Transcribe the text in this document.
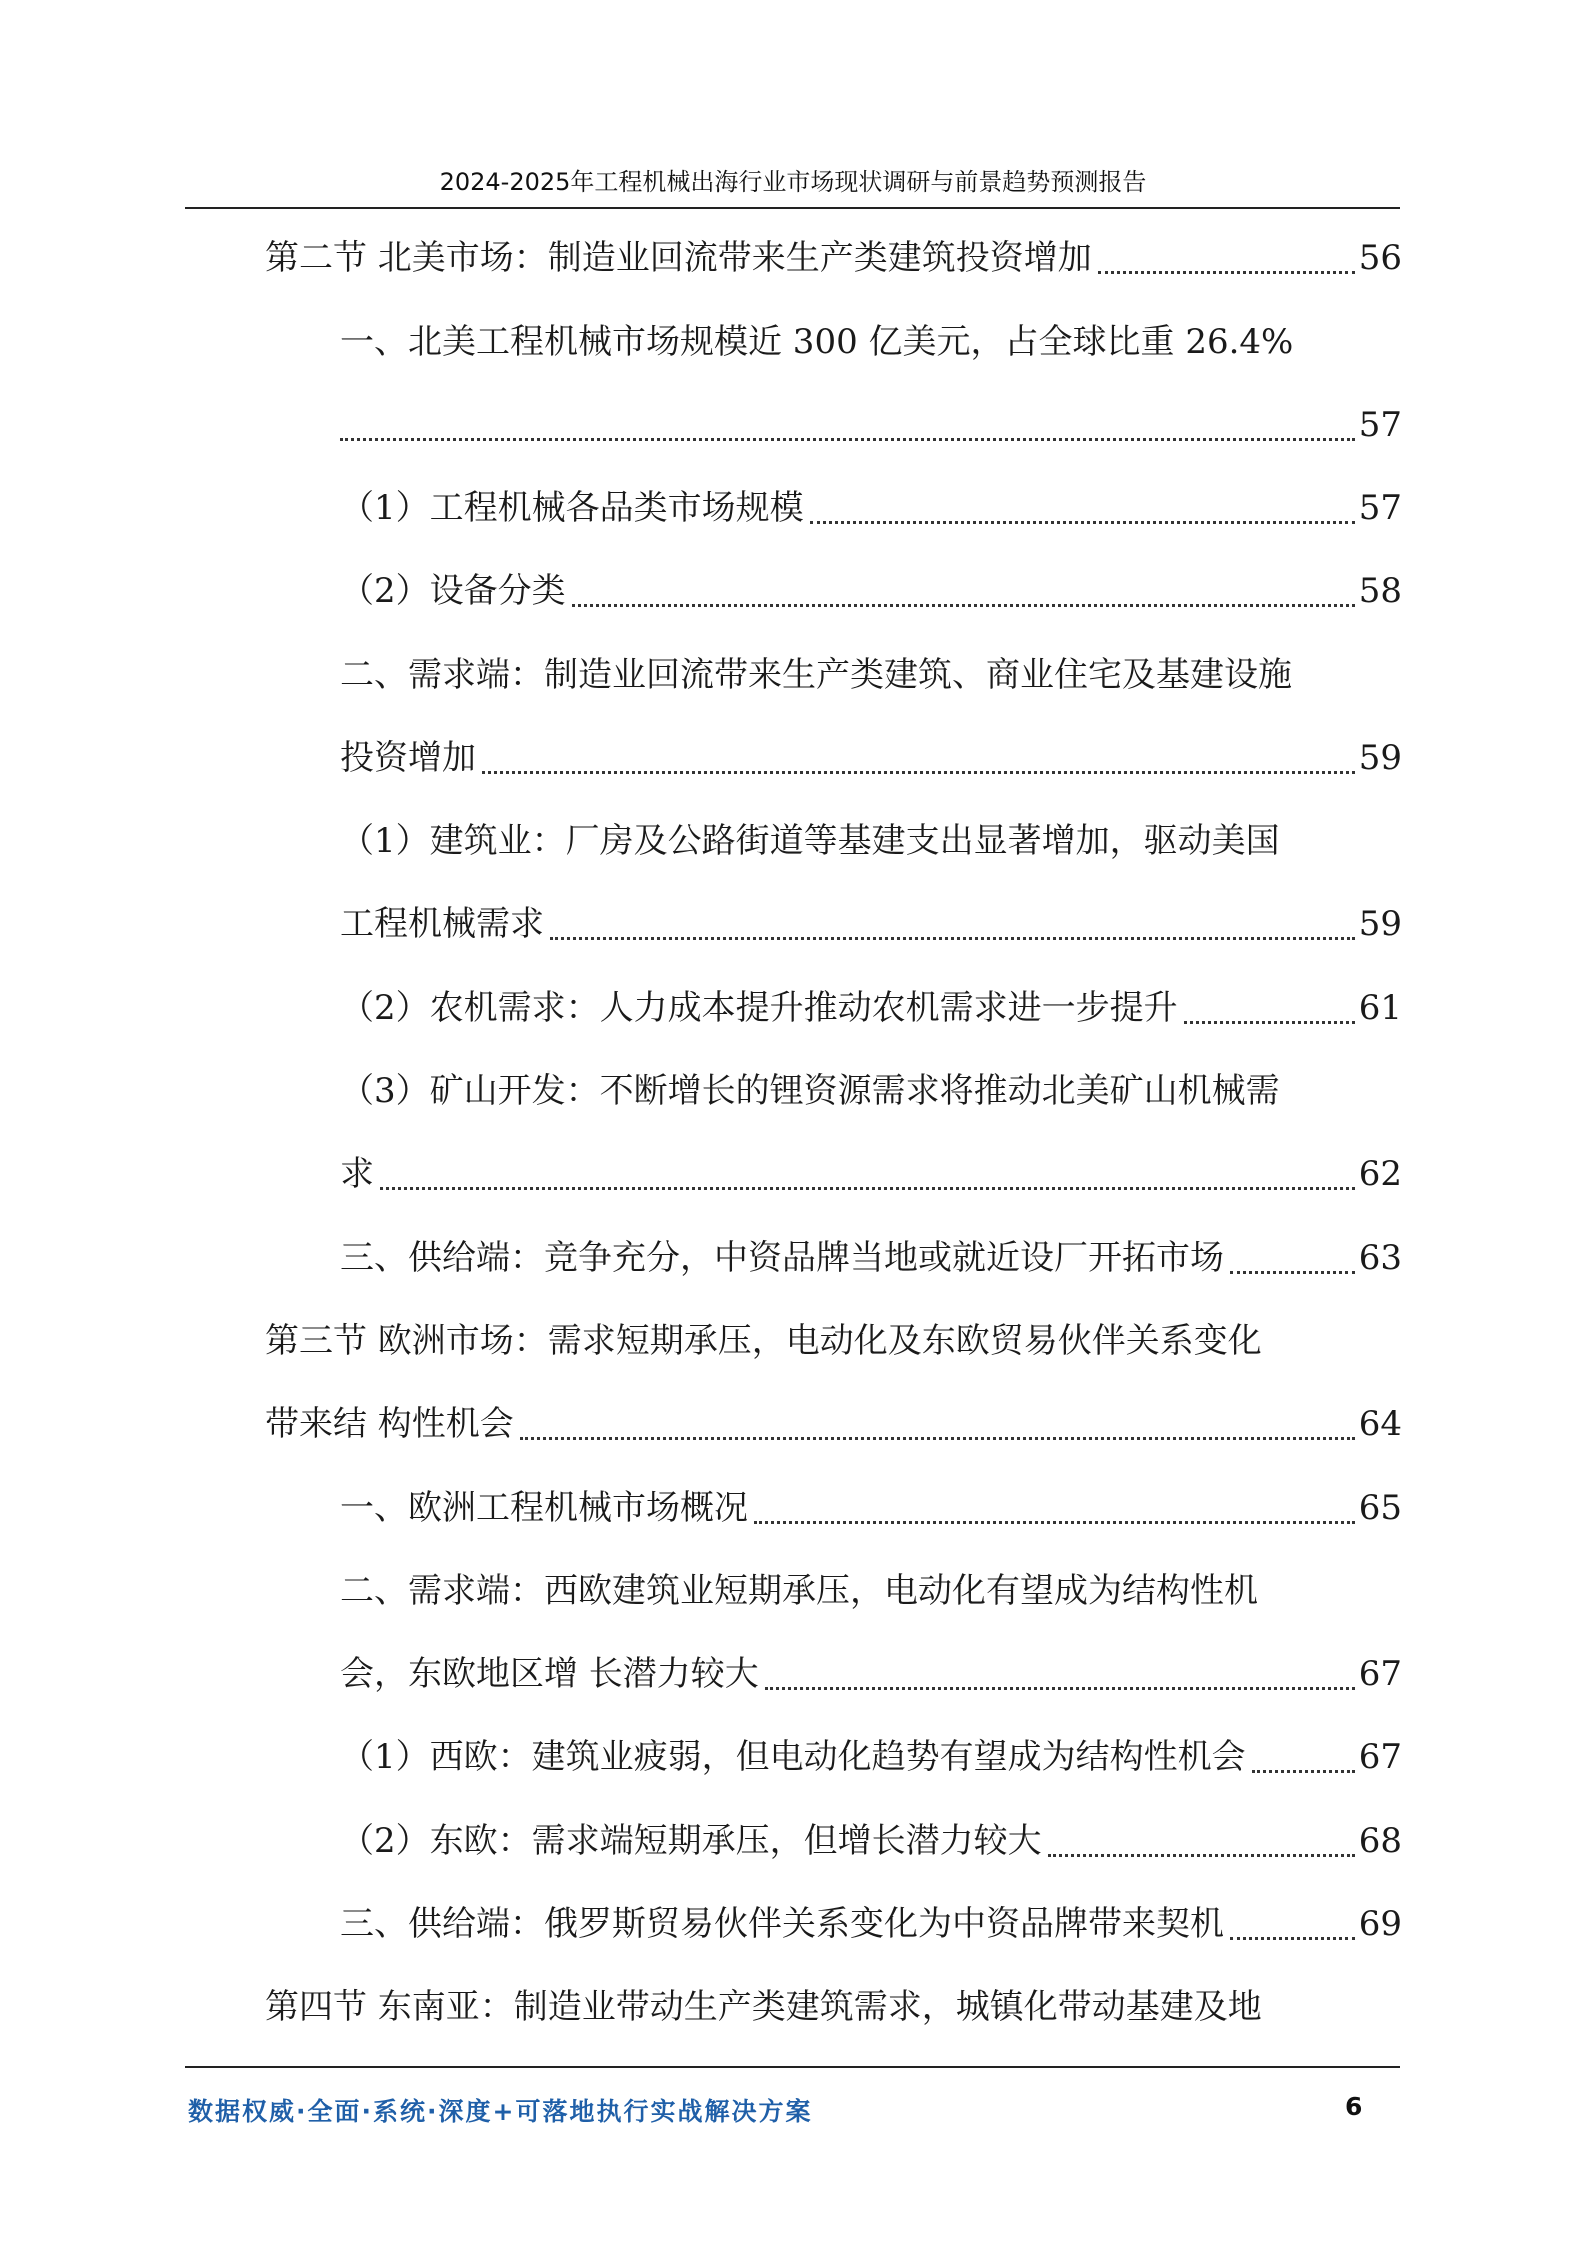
2024-2025年工程机械出海行业市场现状调研与前景趋势预测报告
第二节 北美市场：制造业回流带来生产类建筑投资增加	56
一、北美工程机械市场规模近 300 亿美元，占全球比重 26.4%
57
（1）工程机械各品类市场规模	57
（2）设备分类	58
二、需求端：制造业回流带来生产类建筑、商业住宅及基建设施
投资增加	59
（1）建筑业：厂房及公路街道等基建支出显著增加，驱动美国
工程机械需求	59
（2）农机需求：人力成本提升推动农机需求进一步提升	61
（3）矿山开发：不断增长的锂资源需求将推动北美矿山机械需
求	62
三、供给端：竞争充分，中资品牌当地或就近设厂开拓市场	63
第三节 欧洲市场：需求短期承压，电动化及东欧贸易伙伴关系变化
带来结 构性机会	64
一、欧洲工程机械市场概况	65
二、需求端：西欧建筑业短期承压，电动化有望成为结构性机
会，东欧地区增 长潜力较大	67
（1）西欧：建筑业疲弱，但电动化趋势有望成为结构性机会	67
（2）东欧：需求端短期承压，但增长潜力较大	68
三、供给端：俄罗斯贸易伙伴关系变化为中资品牌带来契机	69
第四节 东南亚：制造业带动生产类建筑需求，城镇化带动基建及地
数据权威·全面·系统·深度+可落地执行实战解决方案	6
